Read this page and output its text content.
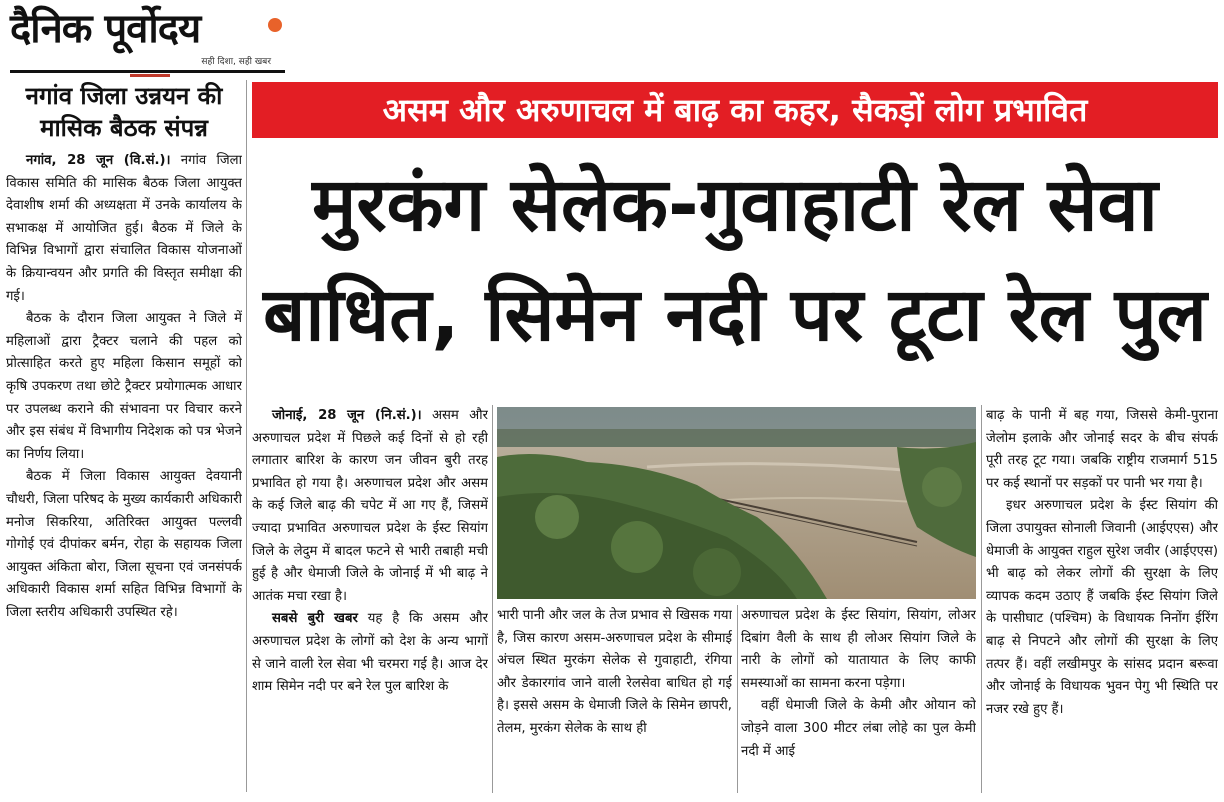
दैनिक पूर्वोदय
सही दिशा, सही खबर
नगांव जिला उन्नयन की मासिक बैठक संपन्न

नगांव, 28 जून (वि.सं.)। नगांव जिला विकास समिति की मासिक बैठक जिला आयुक्त देवाशीष शर्मा की अध्यक्षता में उनके कार्यालय के सभाकक्ष में आयोजित हुई। बैठक में जिले के विभिन्न विभागों द्वारा संचालित विकास योजनाओं के क्रियान्वयन और प्रगति की विस्तृत समीक्षा की गई।

बैठक के दौरान जिला आयुक्त ने जिले में महिलाओं द्वारा ट्रैक्टर चलाने की पहल को प्रोत्साहित करते हुए महिला किसान समूहों को कृषि उपकरण तथा छोटे ट्रैक्टर प्रयोगात्मक आधार पर उपलब्ध कराने की संभावना पर विचार करने और इस संबंध में विभागीय निदेशक को पत्र भेजने का निर्णय लिया।

बैठक में जिला विकास आयुक्त देवयानी चौधरी, जिला परिषद के मुख्य कार्यकारी अधिकारी मनोज सिकरिया, अतिरिक्त आयुक्त पल्लवी गोगोई एवं दीपांकर बर्मन, रोहा के सहायक जिला आयुक्त अंकिता बोरा, जिला सूचना एवं जनसंपर्क अधिकारी विकास शर्मा सहित विभिन्न विभागों के जिला स्तरीय अधिकारी उपस्थित रहे।

असम और अरुणाचल में बाढ़ का कहर, सैकड़ों लोग प्रभावित
मुरकंग सेलेक-गुवाहाटी रेल सेवा
बाधित, सिमेन नदी पर टूटा रेल पुल

जोनाई, 28 जून (नि.सं.)। असम और अरुणाचल प्रदेश में पिछले कई दिनों से हो रही लगातार बारिश के कारण जन जीवन बुरी तरह प्रभावित हो गया है। अरुणाचल प्रदेश और असम के कई जिले बाढ़ की चपेट में आ गए हैं, जिसमें ज्यादा प्रभावित अरुणाचल प्रदेश के ईस्ट सियांग जिले के लेदुम में बादल फटने से भारी तबाही मची हुई है और धेमाजी जिले के जोनाई में भी बाढ़ ने आतंक मचा रखा है।

सबसे बुरी खबर यह है कि असम और अरुणाचल प्रदेश के लोगों को देश के अन्य भागों से जाने वाली रेल सेवा भी चरमरा गई है। आज देर शाम सिमेन नदी पर बने रेल पुल बारिश के

भारी पानी और जल के तेज प्रभाव से खिसक गया है, जिस कारण असम-अरुणाचल प्रदेश के सीमाई अंचल स्थित मुरकंग सेलेक से गुवाहाटी, रंगिया और डेकारगांव जाने वाली रेलसेवा बाधित हो गई है। इससे असम के धेमाजी जिले के सिमेन छापरी, तेलम, मुरकंग सेलेक के साथ ही

अरुणाचल प्रदेश के ईस्ट सियांग, सियांग, लोअर दिबांग वैली के साथ ही लोअर सियांग जिले के नारी के लोगों को यातायात के लिए काफी समस्याओं का सामना करना पड़ेगा।

वहीं धेमाजी जिले के केमी और ओयान को जोड़ने वाला 300 मीटर लंबा लोहे का पुल केमी नदी में आई

बाढ़ के पानी में बह गया, जिससे केमी-पुराना जेलोम इलाके और जोनाई सदर के बीच संपर्क पूरी तरह टूट गया। जबकि राष्ट्रीय राजमार्ग 515 पर कई स्थानों पर सड़कों पर पानी भर गया है।

इधर अरुणाचल प्रदेश के ईस्ट सियांग की जिला उपायुक्त सोनाली जिवानी (आईएएस) और धेमाजी के आयुक्त राहुल सुरेश जवीर (आईएएस) भी बाढ़ को लेकर लोगों की सुरक्षा के लिए व्यापक कदम उठाए हैं जबकि ईस्ट सियांग जिले के पासीघाट (पश्चिम) के विधायक निनोंग ईरिंग बाढ़ से निपटने और लोगों की सुरक्षा के लिए तत्पर हैं। वहीं लखीमपुर के सांसद प्रदान बरूवा और जोनाई के विधायक भुवन पेगु भी स्थिति पर नजर रखे हुए हैं।
